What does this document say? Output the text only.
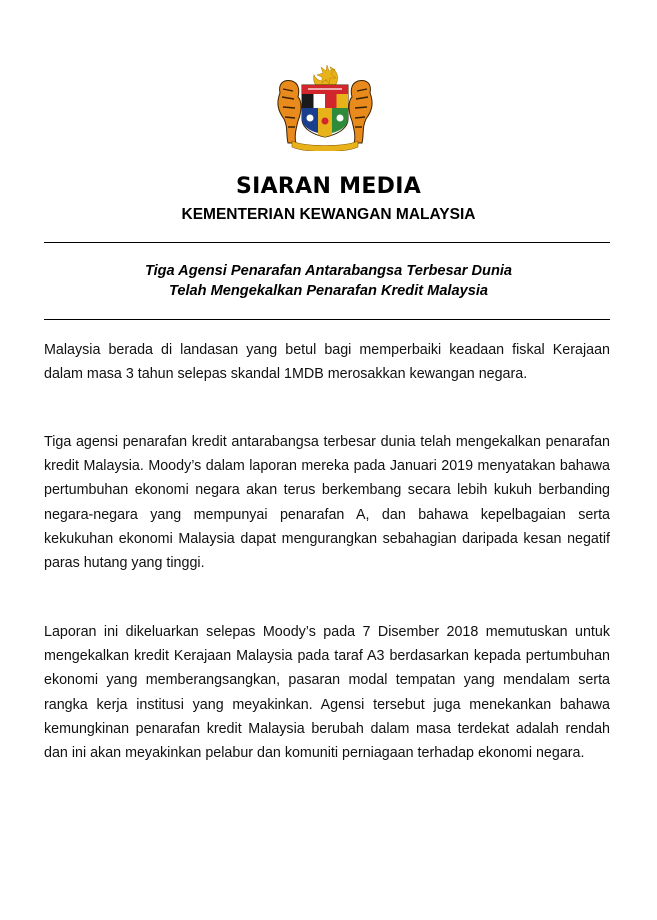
SIARAN MEDIA
KEMENTERIAN KEWANGAN MALAYSIA
Tiga Agensi Penarafan Antarabangsa Terbesar Dunia
Telah Mengekalkan Penarafan Kredit Malaysia

Malaysia berada di landasan yang betul bagi memperbaiki keadaan fiskal Kerajaan dalam masa 3 tahun selepas skandal 1MDB merosakkan kewangan negara.

Tiga agensi penarafan kredit antarabangsa terbesar dunia telah mengekalkan penarafan kredit Malaysia. Moody’s dalam laporan mereka pada Januari 2019 menyatakan bahawa pertumbuhan ekonomi negara akan terus berkembang secara lebih kukuh berbanding negara-negara yang mempunyai penarafan A, dan bahawa kepelbagaian serta kekukuhan ekonomi Malaysia dapat mengurangkan sebahagian daripada kesan negatif paras hutang yang tinggi.

Laporan ini dikeluarkan selepas Moody’s pada 7 Disember 2018 memutuskan untuk mengekalkan kredit Kerajaan Malaysia pada taraf A3 berdasarkan kepada pertumbuhan ekonomi yang memberangsangkan, pasaran modal tempatan yang mendalam serta rangka kerja institusi yang meyakinkan. Agensi tersebut juga menekankan bahawa kemungkinan penarafan kredit Malaysia berubah dalam masa terdekat adalah rendah dan ini akan meyakinkan pelabur dan komuniti perniagaan terhadap ekonomi negara.
